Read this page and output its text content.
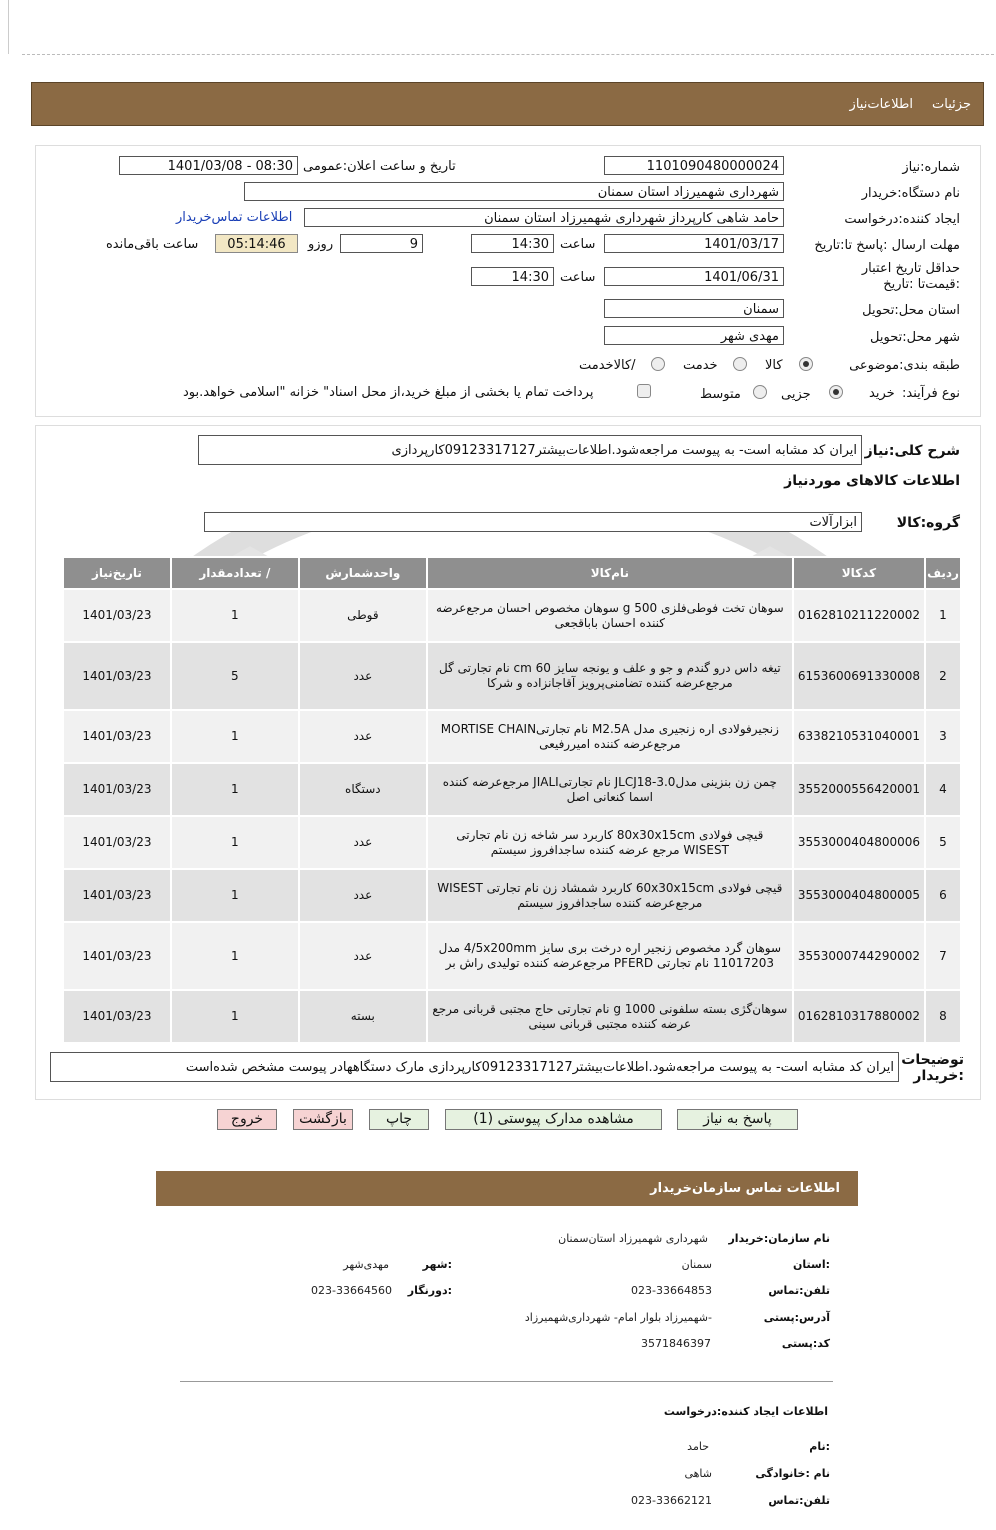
جزئیات
اطلاعات‌نیاز
شماره:نیاز
1101090480000024
تاریخ و ساعت اعلان:عمومی
1401/03/08 - 08:30
نام دستگاه:خریدار
شهرداری شهمیرزاد استان سمنان
ایجاد کننده:درخواست
حامد شاهی کارپرداز شهرداری شهمیرزاد استان سمنان
اطلاعات تماس‌خریدار
مهلت ارسال :پاسخ تا:تاریخ
1401/03/17
ساعت
14:30
9
روزو
05:14:46
ساعت باقی‌مانده
حداقل تاریخ اعتبار :قیمت‌تا :تاریخ
1401/06/31
ساعت
14:30
استان محل:تحویل
سمنان
شهر محل:تحویل
مهدی شهر
طبقه بندی:موضوعی
کالا
خدمت
/کالاخدمت
نوع فرآیند:
خرید
جزیی
متوسط
پرداخت تمام یا بخشی از مبلغ خرید،از محل اسناد" خزانه "اسلامی خواهد.بود
شرح کلی:نیاز
ایران کد مشابه است- به پیوست مراجعه‌شود.اطلاعات‌بیشتر09123317127کارپردازی
اطلاعات کالاهای موردنیاز
گروه:کالا
ابزارآلات
ردیف	کدکالا	نام‌کالا	واحدشمارش	/ تعدادمقدار	تاریخ‌نیاز
1	0162810211220002	سوهان تخت فوطی‌فلزی 500 g سوهان مخصوص احسان مرجع‌عرضه کننده احسان باباقجعی	قوطی	1	1401/03/23
2	6153600691330008	تیغه داس درو گندم و جو و علف و یونجه سایز 60 cm نام تجارتی گل مرجع‌عرضه کننده تضامنی‌پرویز آقاجانزاده و شرکا	عدد	5	1401/03/23
3	6338210531040001	زنجیرفولادی اره زنجیری مدل M2.5A نام تجارتیMORTISE CHAIN مرجع‌عرضه کننده امیررفیعی	عدد	1	1401/03/23
4	3552000556420001	چمن زن بنزینی مدلJLCJ18-3.0 نام تجارتیJIALI مرجع‌عرضه کننده اسما کنعانی اصل	دستگاه	1	1401/03/23
5	3553000404800006	قیچی فولادی 80x30x15cm کاربرد سر شاخه زن نام تجارتی WISEST مرجع عرضه کننده ساجدافروز سیستم	عدد	1	1401/03/23
6	3553000404800005	قیچی فولادی 60x30x15cm کاربرد شمشاد زن نام تجارتی WISEST مرجع‌عرضه کننده ساجدافروز سیستم	عدد	1	1401/03/23
7	3553000744290002	سوهان گرد مخصوص زنجیر اره درخت بری سایز 4/5x200mm مدل 11017203 نام تجارتی PFERD مرجع‌عرضه کننده تولیدی راش بر	عدد	1	1401/03/23
8	0162810317880002	سوهان‌گژی بسته سلفونی 1000 g نام تجارتی حاج مجتبی قربانی مرجع عرضه کننده مجتبی قربانی سینی	بسته	1	1401/03/23
توضیحات :خریدار
ایران کد مشابه است- به پیوست مراجعه‌شود.اطلاعات‌بیشتر09123317127کارپردازی مارک دستگاههادر پیوست مشخص شده‌است
پاسخ به نیاز
مشاهده مدارک پیوستی (1)
چاپ
بازگشت
خروج
اطلاعات تماس سازمان‌خریدار
نام سازمان:خریدار
شهرداری شهمیرزاد استان‌سمنان
:استان
سمنان
:شهر
مهدی‌شهر
تلفن:تماس
023-33664853
:دورنگار
023-33664560
آدرس:پستی
-شهمیرزاد بلوار امام- شهرداری‌شهمیرزاد
کد:پستی
3571846397
اطلاعات ایجاد کننده:درخواست
:نام
حامد
نام :خانوادگی
شاهی
تلفن:تماس
023-33662121
